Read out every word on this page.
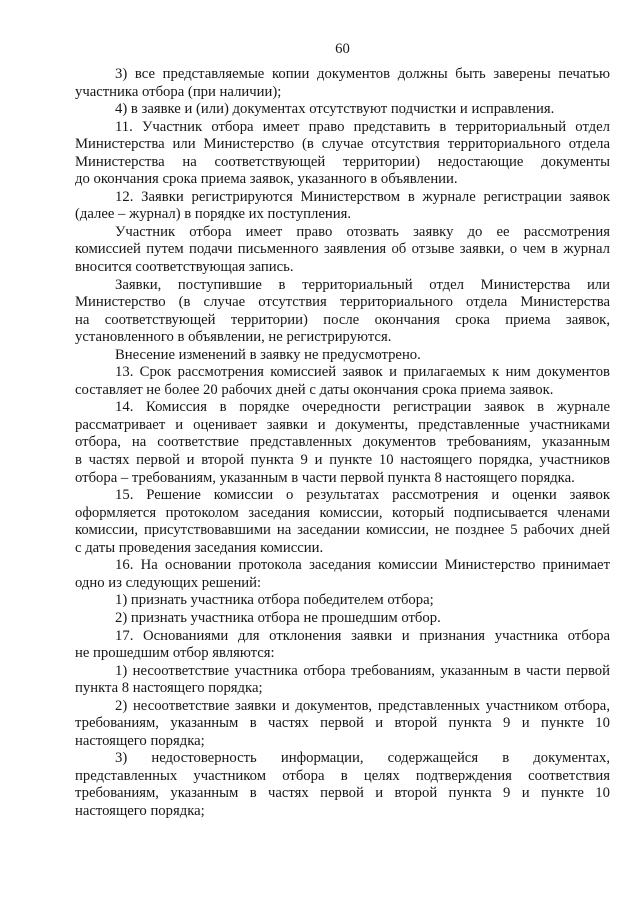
60
3) все представляемые копии документов должны быть заверены печатью
участника отбора (при наличии);
4) в заявке и (или) документах отсутствуют подчистки и исправления.
11. Участник отбора имеет право представить в территориальный отдел
Министерства или Министерство (в случае отсутствия территориального отдела
Министерства на соответствующей территории) недостающие документы
до окончания срока приема заявок, указанного в объявлении.
12. Заявки регистрируются Министерством в журнале регистрации заявок
(далее – журнал) в порядке их поступления.
Участник отбора имеет право отозвать заявку до ее рассмотрения
комиссией путем подачи письменного заявления об отзыве заявки, о чем в журнал
вносится соответствующая запись.
Заявки, поступившие в территориальный отдел Министерства или
Министерство (в случае отсутствия территориального отдела Министерства
на соответствующей территории) после окончания срока приема заявок,
установленного в объявлении, не регистрируются.
Внесение изменений в заявку не предусмотрено.
13. Срок рассмотрения комиссией заявок и прилагаемых к ним документов
составляет не более 20 рабочих дней с даты окончания срока приема заявок.
14. Комиссия в порядке очередности регистрации заявок в журнале
рассматривает и оценивает заявки и документы, представленные участниками
отбора, на соответствие представленных документов требованиям, указанным
в частях первой и второй пункта 9 и пункте 10 настоящего порядка, участников
отбора – требованиям, указанным в части первой пункта 8 настоящего порядка.
15. Решение комиссии о результатах рассмотрения и оценки заявок
оформляется протоколом заседания комиссии, который подписывается членами
комиссии, присутствовавшими на заседании комиссии, не позднее 5 рабочих дней
с даты проведения заседания комиссии.
16. На основании протокола заседания комиссии Министерство принимает
одно из следующих решений:
1) признать участника отбора победителем отбора;
2) признать участника отбора не прошедшим отбор.
17. Основаниями для отклонения заявки и признания участника отбора
не прошедшим отбор являются:
1) несоответствие участника отбора требованиям, указанным в части первой
пункта 8 настоящего порядка;
2) несоответствие заявки и документов, представленных участником отбора,
требованиям, указанным в частях первой и второй пункта 9 и пункте 10
настоящего порядка;
3) недостоверность информации, содержащейся в документах,
представленных участником отбора в целях подтверждения соответствия
требованиям, указанным в частях первой и второй пункта 9 и пункте 10
настоящего порядка;
